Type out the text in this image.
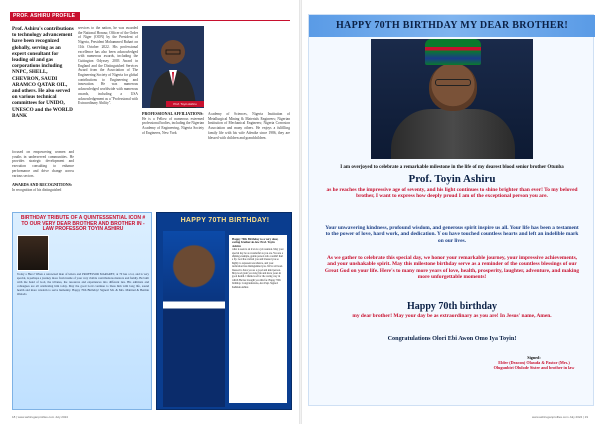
PROF. ASHIRU PROFILE
Prof. Ashiru's contributions to technology advancement have been recognized globally, serving as an expert consultant for leading oil and gas corporations including NNPC, SHELL, CHEVRON, SAUDI ARAMCO QATAR OIL, and others. He also served on various technical committees for UNIDO, UNESCO and the WORLD BANK
focused on empowering women and youths in underserved communities. He provides strategic development and execution consulting to enhance performance and drive change across various sectors.

AWARDS AND RECOGNITIONS:
In recognition of his distinguished
services to the nation, he was awarded the National Honour, Officer of the Order of Niger (OON) by the President of Nigeria, President Mohammed Buhari on 11th October 2022. His professional excellence has also been acknowledged with numerous awards, including the Cuttington Odyssey 2003 Award in England and the Distinguished Services Award from the Association of The Engineering Society of Nigeria for global contributions to Engineering and innovation. He was numerous acknowledged worldwide with numerous awards, including a USA acknowledgement as a "Professional with Extraordinary Ability".	Prof. Toyin Ashiru
PROFESSIONAL AFFILIATIONS:
He is a Fellow of numerous esteemed professional bodies, including the Nigerian Academy of Engineering, Nigeria Society of Engineers, New York
Academy of Sciences, Nigeria Institution of Metallurgical Mining & Materials Engineers; Nigerian Institution of Mechanical Engineers; Nigeria Corrosion Association and many others. He enjoys a fulfilling family life with his wife Adenike since 1986, they are blessed with children and grandchildren.
BIRTHDAY TRIBUTE OF A QUINTESSENTIAL ICON # TO OUR VERY DEAR BROTHER AND BROTHER IN - LAW PROFESSOR TOYIN ASHIRU
Today a Hero! When a renowned man of letters and PROFESSOR MARGRET, at 70 has a lot, and is very special, is perhaps a journey more from inside of your very visible contributions mentors and family. He built with the hand of God, the tributes, the resources and experiences into different ties. His admirers and colleagues are all celebrating him today. May the good Lord continue to bless him with long life, sound health and more wisdom to serve humanity. Happy 70th Birthday! Signed: Mr. & Mrs. Maitinal & Hermie Olaloda
HAPPY 70TH BIRTHDAY!
Happy 70th Birthday to a very dear, caring brother-in-law Prof. Toyin Ashiru
what is seen is an Icon is a job reunion. May your special day be as wonderful as you are. You are a shining example, gentle person who couldn't hurt a fly. God has crafted you and blessed you so highly to represent excellence, and your dedication has distinguished you. We've all been blessed to have you as a good and kind person. May God grant you long life and more years in good health. I thank God for the caring way in which He has brought you this far. Happy 70th birthday. Congratulations, Ave Papi. Signed: Kehinde Ashiru
18 | www.ashiruganprofiles.com July 2024
HAPPY 70TH BIRTHDAY MY DEAR BROTHER!
I am overjoyed to celebrate a remarkable milestone in the life of my dearest blood senior brother Otunba
Prof. Toyin Ashiru
as he reaches the impressive age of seventy, and his light continues to shine brighter than ever! To my beloved brother, I want to express how deeply proud I am of the exceptional person you are.
Your unwavering kindness, profound wisdom, and generous spirit inspire us all. Your life has been a testament to the power of love, hard work, and dedication. Y ou have touched countless hearts and left an indelible mark on our lives.
As we gather to celebrate this special day, we honor your remarkable journey, your impressive achievements, and your unshakable spirit. May this milestone birthday serve as a reminder of the countless blessings of our Great God on your life. Here's to many more years of love, health, prosperity, laughter, adventure, and making more unforgettable moments!
Happy 70th birthday
my dear brother! May your day be as extraordinary as you are! In Jesus' name, Amen.
Congratulations Olori Ebi Awon Omo Iya Toyin!
Signed:
Elder (Deacon) Olasufa & Pastor (Mrs.) Olugunbiri Olulode Sister and brother in law
www.ashiruganprofiles.com July 2024 | 19
